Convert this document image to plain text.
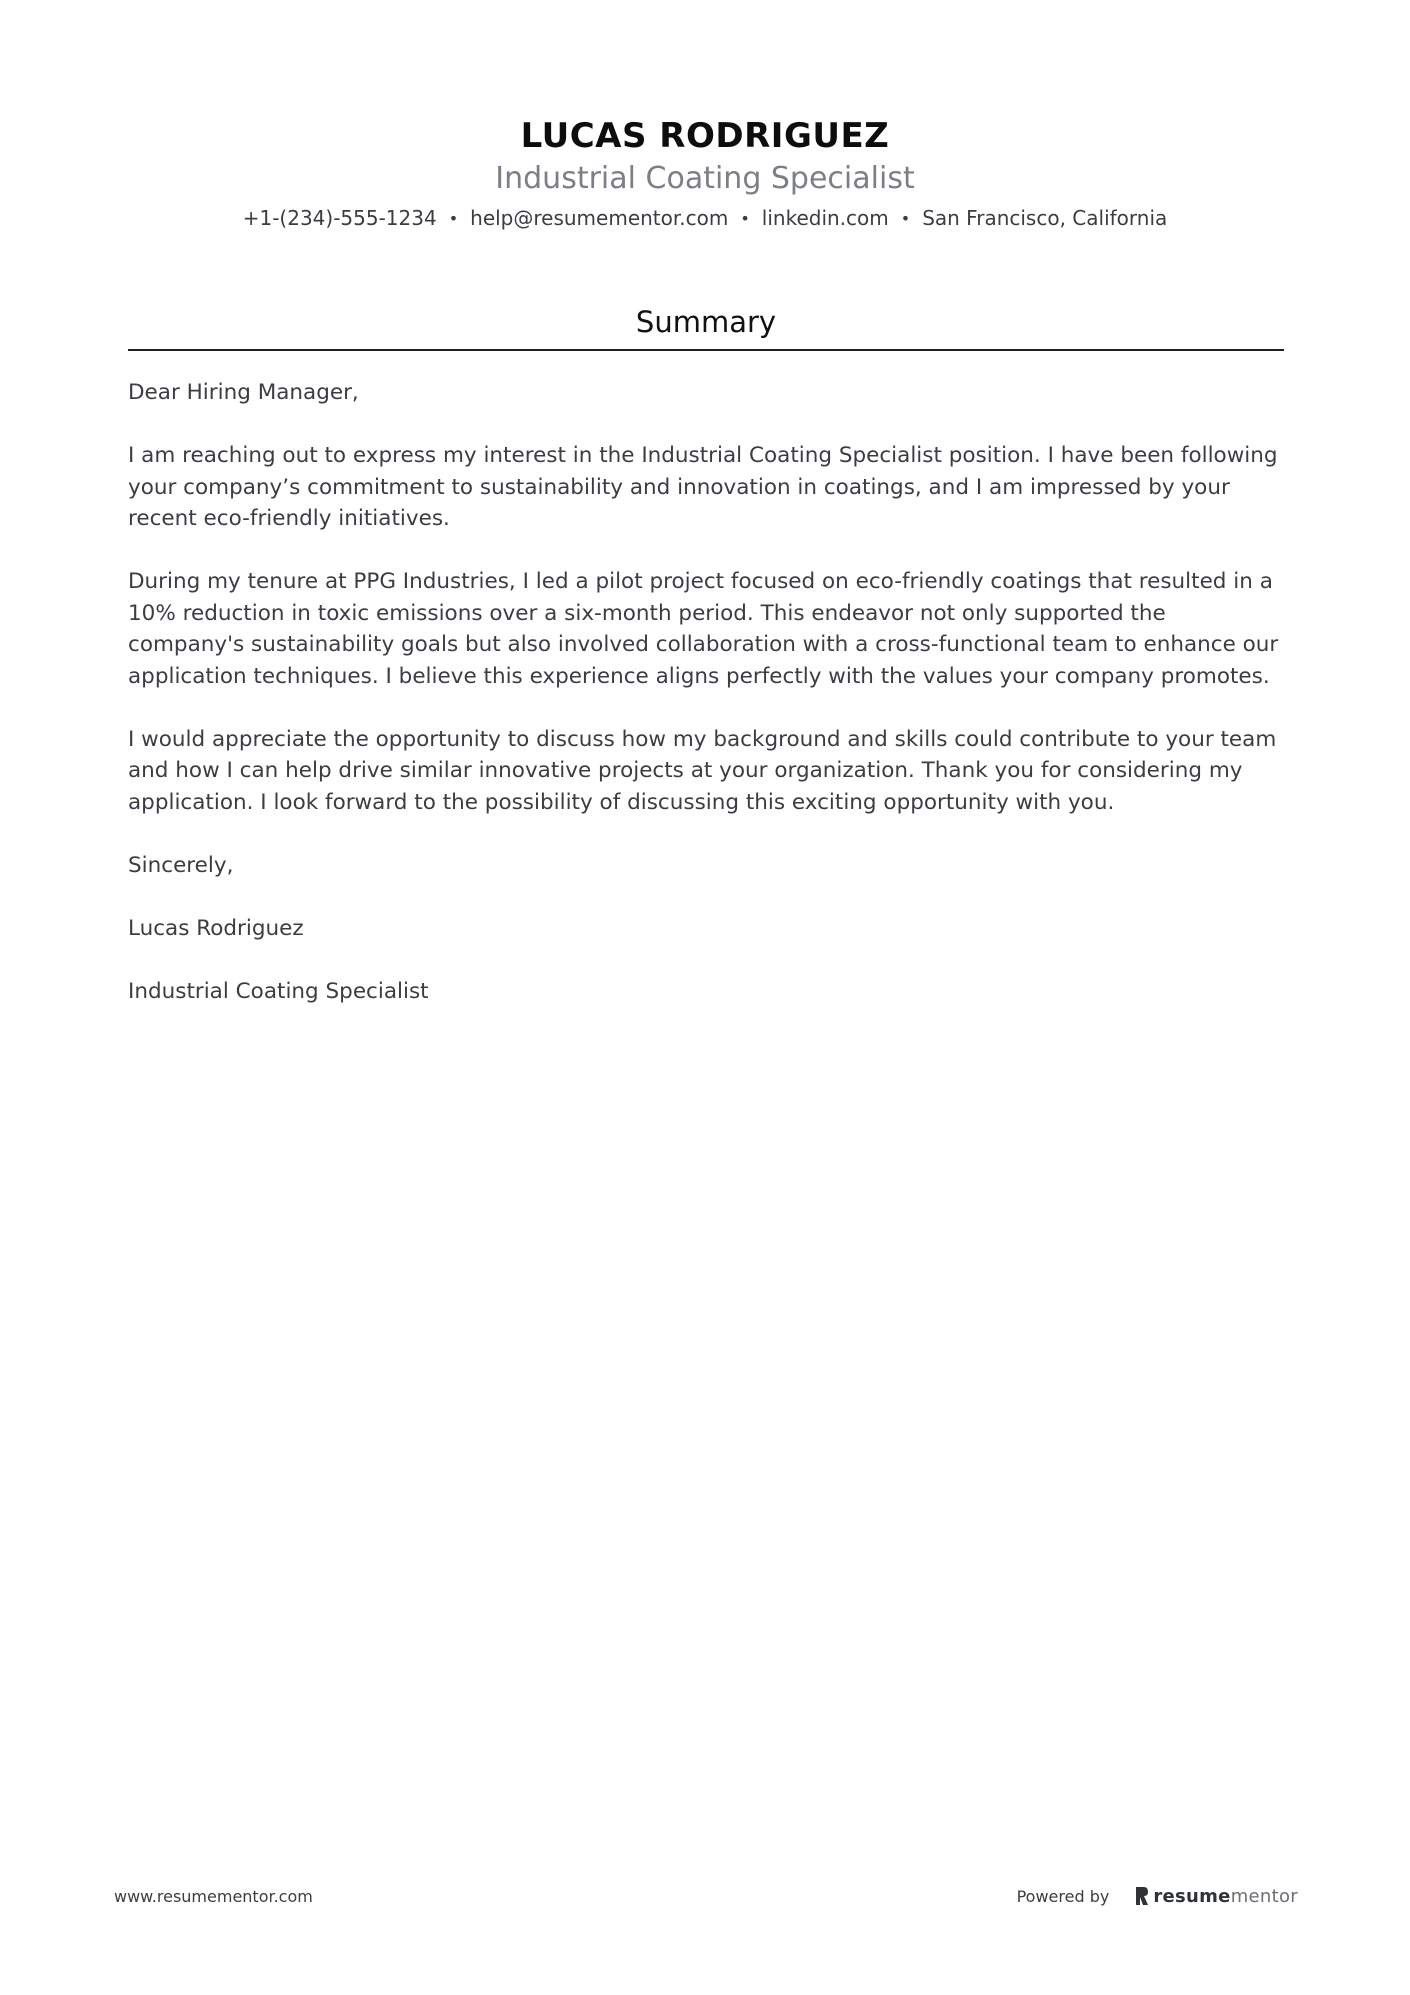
LUCAS RODRIGUEZ
Industrial Coating Specialist
+1-(234)-555-1234 • help@resumementor.com • linkedin.com • San Francisco, California
Summary

Dear Hiring Manager,

I am reaching out to express my interest in the Industrial Coating Specialist position. I have been following your company’s commitment to sustainability and innovation in coatings, and I am impressed by your recent eco-friendly initiatives.

During my tenure at PPG Industries, I led a pilot project focused on eco-friendly coatings that resulted in a 10% reduction in toxic emissions over a six-month period. This endeavor not only supported the company's sustainability goals but also involved collaboration with a cross-functional team to enhance our application techniques. I believe this experience aligns perfectly with the values your company promotes.

I would appreciate the opportunity to discuss how my background and skills could contribute to your team and how I can help drive similar innovative projects at your organization. Thank you for considering my application. I look forward to the possibility of discussing this exciting opportunity with you.

Sincerely,

Lucas Rodriguez

Industrial Coating Specialist

www.resumementor.com	Powered by resume mentor
